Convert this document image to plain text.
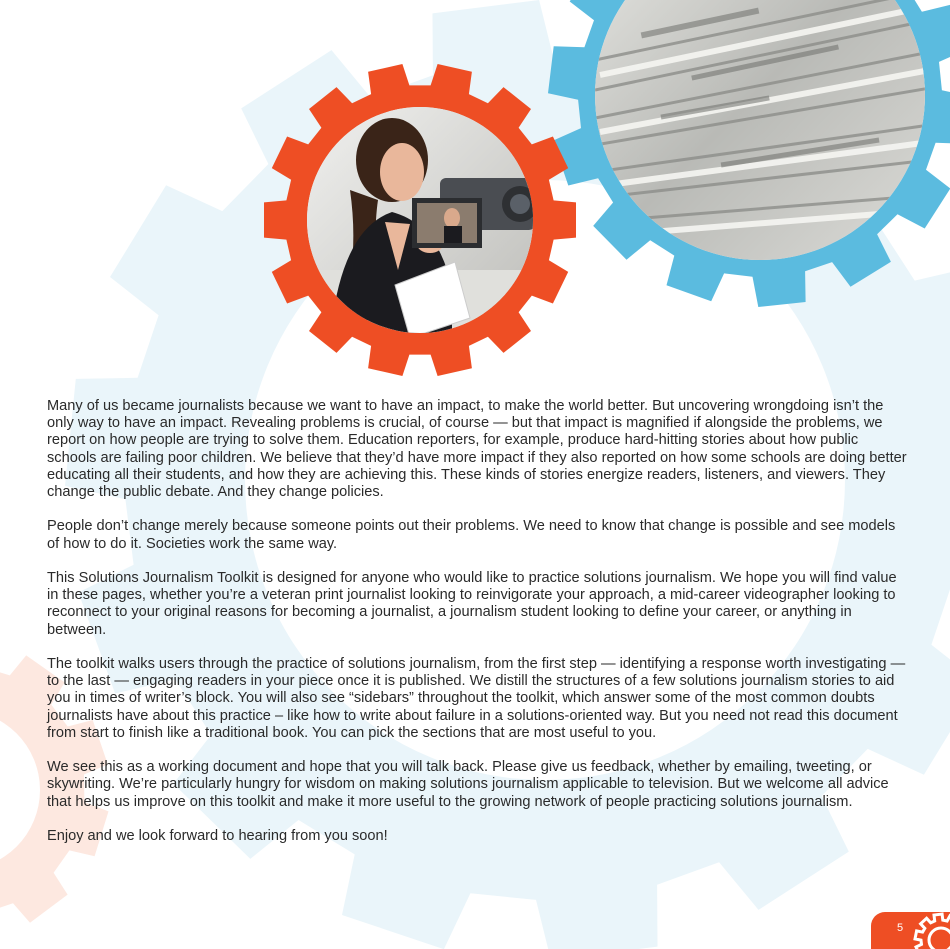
Many of us became journalists because we want to have an impact, to make the world better. But uncovering wrongdoing isn’t the only way to have an impact. Revealing problems is crucial, of course — but that impact is magnified if alongside the problems, we report on how people are trying to solve them. Education reporters, for example, produce hard-hitting stories about how public schools are failing poor children. We believe that they’d have more impact if they also reported on how some schools are doing better educating all their students, and how they are achieving this. These kinds of stories energize readers, listeners, and viewers. They change the public debate. And they change policies.

People don’t change merely because someone points out their problems. We need to know that change is possible and see models of how to do it. Societies work the same way.

This Solutions Journalism Toolkit is designed for anyone who would like to practice solutions journalism. We hope you will find value in these pages, whether you’re a veteran print journalist looking to reinvigorate your approach, a mid-career videographer looking to reconnect to your original reasons for becoming a journalist, a journalism student looking to define your career, or anything in between.

The toolkit walks users through the practice of solutions journalism, from the first step — identifying a response worth investigating — to the last — engaging readers in your piece once it is published. We distill the structures of a few solutions journalism stories to aid you in times of writer’s block. You will also see “sidebars” throughout the toolkit, which answer some of the most common doubts journalists have about this practice – like how to write about failure in a solutions-oriented way. But you need not read this document from start to finish like a traditional book. You can pick the sections that are most useful to you.

We see this as a working document and hope that you will talk back. Please give us feedback, whether by emailing, tweeting, or skywriting. We’re particularly hungry for wisdom on making solutions journalism applicable to television. But we welcome all advice that helps us improve on this toolkit and make it more useful to the growing network of people practicing solutions journalism.

Enjoy and we look forward to hearing from you soon!

5
